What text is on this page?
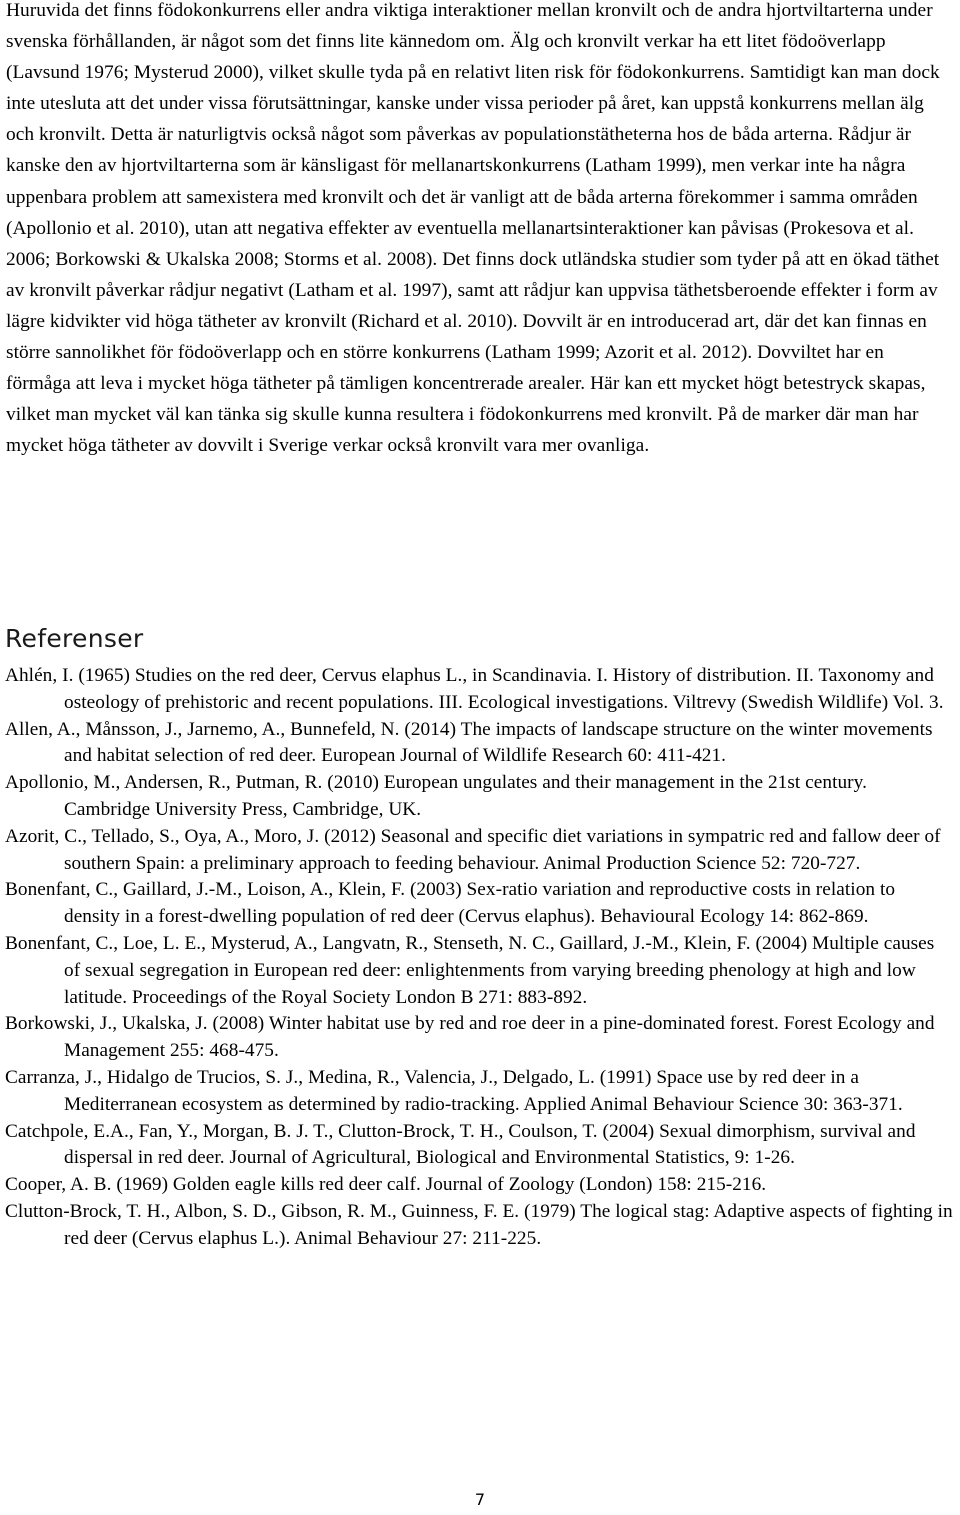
Huruvida det finns födokonkurrens eller andra viktiga interaktioner mellan kronvilt och de andra hjortviltarterna under svenska förhållanden, är något som det finns lite kännedom om. Älg och kronvilt verkar ha ett litet födoöverlapp (Lavsund 1976; Mysterud 2000), vilket skulle tyda på en relativt liten risk för födokonkurrens. Samtidigt kan man dock inte utesluta att det under vissa förutsättningar, kanske under vissa perioder på året, kan uppstå konkurrens mellan älg och kronvilt. Detta är naturligtvis också något som påverkas av populationstätheterna hos de båda arterna. Rådjur är kanske den av hjortviltarterna som är känsligast för mellanartskonkurrens (Latham 1999), men verkar inte ha några uppenbara problem att samexistera med kronvilt och det är vanligt att de båda arterna förekommer i samma områden (Apollonio et al. 2010), utan att negativa effekter av eventuella mellanartsinteraktioner kan påvisas (Prokesova et al. 2006; Borkowski & Ukalska 2008; Storms et al. 2008). Det finns dock utländska studier som tyder på att en ökad täthet av kronvilt påverkar rådjur negativt (Latham et al. 1997), samt att rådjur kan uppvisa täthetsberoende effekter i form av lägre kidvikter vid höga tätheter av kronvilt (Richard et al. 2010). Dovvilt är en introducerad art, där det kan finnas en större sannolikhet för födoöverlapp och en större konkurrens (Latham 1999; Azorit et al. 2012). Dovviltet har en förmåga att leva i mycket höga tätheter på tämligen koncentrerade arealer. Här kan ett mycket högt betestryck skapas, vilket man mycket väl kan tänka sig skulle kunna resultera i födokonkurrens med kronvilt. På de marker där man har mycket höga tätheter av dovvilt i Sverige verkar också kronvilt vara mer ovanliga.

Referenser
Ahlén, I. (1965) Studies on the red deer, Cervus elaphus L., in Scandinavia. I. History of distribution. II. Taxonomy and osteology of prehistoric and recent populations. III. Ecological investigations. Viltrevy (Swedish Wildlife) Vol. 3.
Allen, A., Månsson, J., Jarnemo, A., Bunnefeld, N. (2014) The impacts of landscape structure on the winter movements and habitat selection of red deer. European Journal of Wildlife Research 60: 411-421.
Apollonio, M., Andersen, R., Putman, R. (2010) European ungulates and their management in the 21st century. Cambridge University Press, Cambridge, UK.
Azorit, C., Tellado, S., Oya, A., Moro, J. (2012) Seasonal and specific diet variations in sympatric red and fallow deer of southern Spain: a preliminary approach to feeding behaviour. Animal Production Science 52: 720-727.
Bonenfant, C., Gaillard, J.-M., Loison, A., Klein, F. (2003) Sex-ratio variation and reproductive costs in relation to density in a forest-dwelling population of red deer (Cervus elaphus). Behavioural Ecology 14: 862-869.
Bonenfant, C., Loe, L. E., Mysterud, A., Langvatn, R., Stenseth, N. C., Gaillard, J.-M., Klein, F. (2004) Multiple causes of sexual segregation in European red deer: enlightenments from varying breeding phenology at high and low latitude. Proceedings of the Royal Society London B 271: 883-892.
Borkowski, J., Ukalska, J. (2008) Winter habitat use by red and roe deer in a pine-dominated forest. Forest Ecology and Management 255: 468-475.
Carranza, J., Hidalgo de Trucios, S. J., Medina, R., Valencia, J., Delgado, L. (1991) Space use by red deer in a Mediterranean ecosystem as determined by radio-tracking. Applied Animal Behaviour Science 30: 363-371.
Catchpole, E.A., Fan, Y., Morgan, B. J. T., Clutton-Brock, T. H., Coulson, T. (2004) Sexual dimorphism, survival and dispersal in red deer. Journal of Agricultural, Biological and Environmental Statistics, 9: 1-26.
Cooper, A. B. (1969) Golden eagle kills red deer calf. Journal of Zoology (London) 158: 215-216.
Clutton-Brock, T. H., Albon, S. D., Gibson, R. M., Guinness, F. E. (1979) The logical stag: Adaptive aspects of fighting in red deer (Cervus elaphus L.). Animal Behaviour 27: 211-225.
7
